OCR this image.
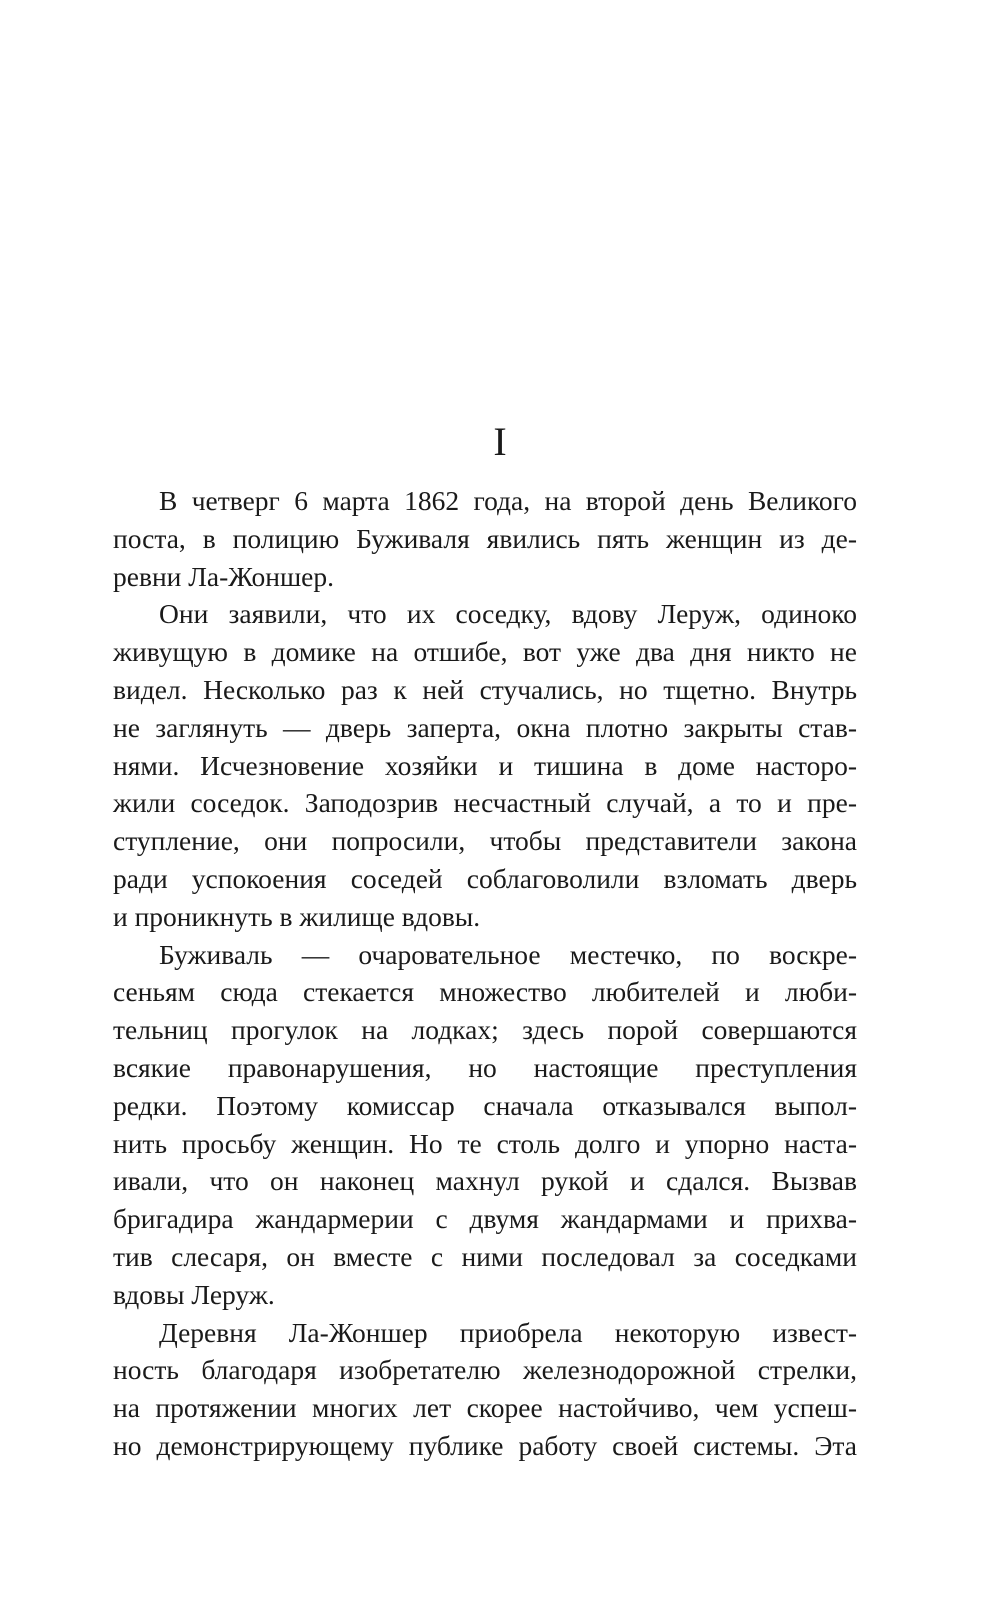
I

В четверг 6 марта 1862 года, на второй день Великого
поста, в полицию Буживаля явились пять женщин из де-
ревни Ла-Жоншер.

Они заявили, что их соседку, вдову Леруж, одиноко
живущую в домике на отшибе, вот уже два дня никто не
видел. Несколько раз к ней стучались, но тщетно. Внутрь
не заглянуть — дверь заперта, окна плотно закрыты став-
нями. Исчезновение хозяйки и тишина в доме насторо-
жили соседок. Заподозрив несчастный случай, а то и пре-
ступление, они попросили, чтобы представители закона
ради успокоения соседей соблаговолили взломать дверь
и проникнуть в жилище вдовы.

Буживаль — очаровательное местечко, по воскре-
сеньям сюда стекается множество любителей и люби-
тельниц прогулок на лодках; здесь порой совершаются
всякие правонарушения, но настоящие преступления
редки. Поэтому комиссар сначала отказывался выпол-
нить просьбу женщин. Но те столь долго и упорно наста-
ивали, что он наконец махнул рукой и сдался. Вызвав
бригадира жандармерии с двумя жандармами и прихва-
тив слесаря, он вместе с ними последовал за соседками
вдовы Леруж.

Деревня Ла-Жоншер приобрела некоторую извест-
ность благодаря изобретателю железнодорожной стрелки,
на протяжении многих лет скорее настойчиво, чем успеш-
но демонстрирующему публике работу своей системы. Эта
